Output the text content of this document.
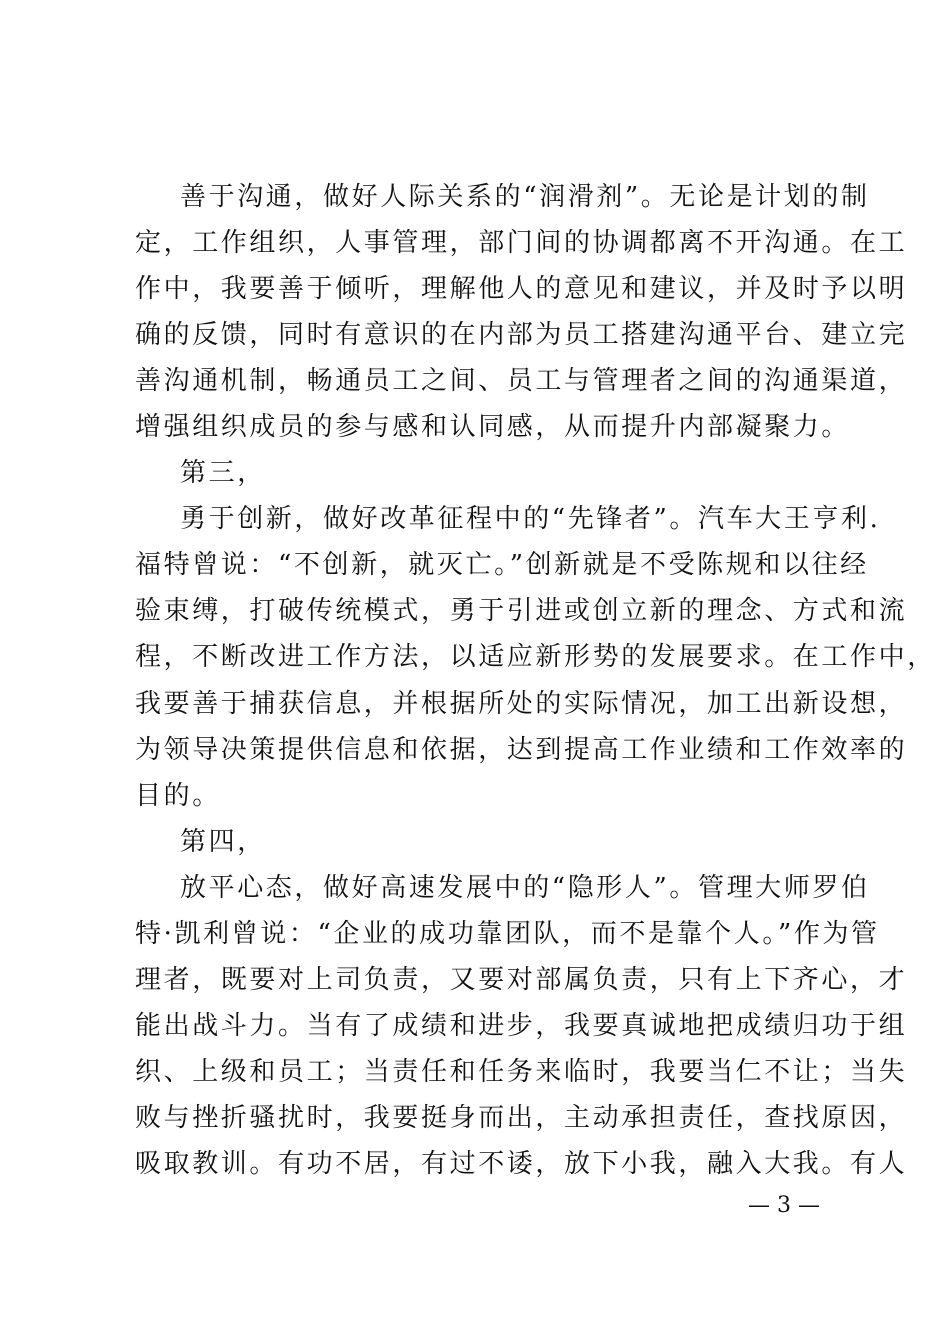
善于沟通，做好人际关系的“润滑剂”。无论是计划的制
定，工作组织，人事管理，部门间的协调都离不开沟通。在工
作中，我要善于倾听，理解他人的意见和建议，并及时予以明
确的反馈，同时有意识的在内部为员工搭建沟通平台、建立完
善沟通机制，畅通员工之间、员工与管理者之间的沟通渠道，
增强组织成员的参与感和认同感，从而提升内部凝聚力。
第三，
勇于创新，做好改革征程中的“先锋者”。汽车大王亨利.
福特曾说：“不创新，就灭亡。”创新就是不受陈规和以往经
验束缚，打破传统模式，勇于引进或创立新的理念、方式和流
程，不断改进工作方法，以适应新形势的发展要求。在工作中，
我要善于捕获信息，并根据所处的实际情况，加工出新设想，
为领导决策提供信息和依据，达到提高工作业绩和工作效率的
目的。
第四，
放平心态，做好高速发展中的“隐形人”。管理大师罗伯
特·凯利曾说：“企业的成功靠团队，而不是靠个人。”作为管
理者，既要对上司负责，又要对部属负责，只有上下齐心，才
能出战斗力。当有了成绩和进步，我要真诚地把成绩归功于组
织、上级和员工；当责任和任务来临时，我要当仁不让；当失
败与挫折骚扰时，我要挺身而出，主动承担责任，查找原因，
吸取教训。有功不居，有过不诿，放下小我，融入大我。有人
— 3 —
